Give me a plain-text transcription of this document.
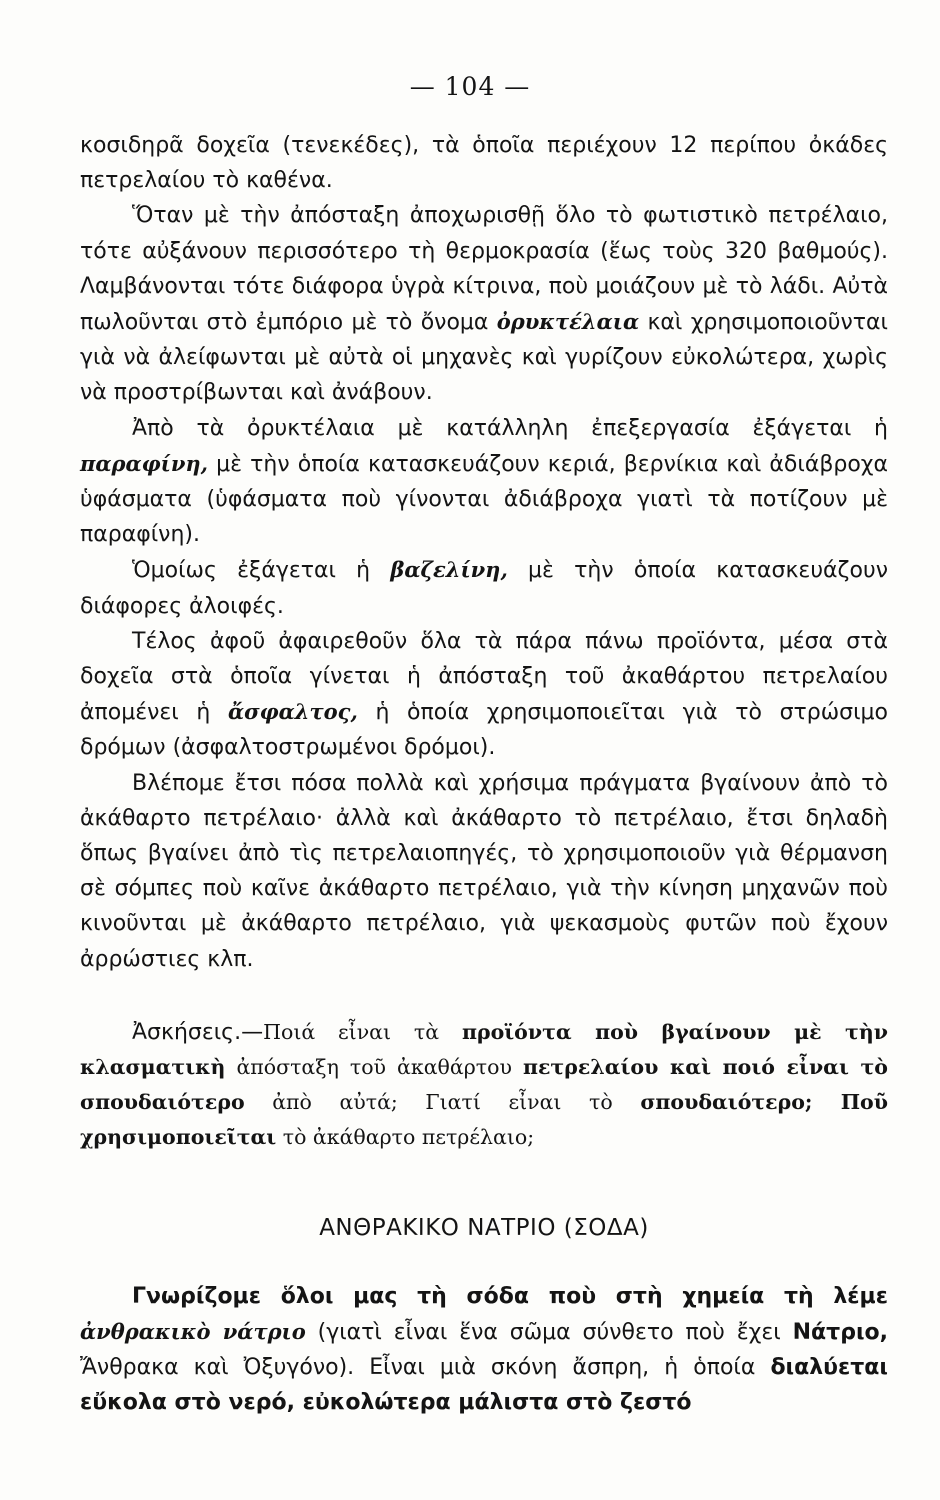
— 104 —

κοσιδηρᾶ δοχεῖα (τενεκέδες), τὰ ὁποῖα περιέχουν 12 περίπου ὀκάδες πετρελαίου τὸ καθένα.

Ὅταν μὲ τὴν ἀπόσταξη ἀποχωρισθῇ ὅλο τὸ φωτιστικὸ πετρέλαιο, τότε αὐξάνουν περισσότερο τὴ θερμοκρασία (ἕως τοὺς 320 βαθμούς). Λαμβάνονται τότε διάφορα ὑγρὰ κίτρινα, ποὺ μοιάζουν μὲ τὸ λάδι. Αὐτὰ πωλοῦνται στὸ ἐμπόριο μὲ τὸ ὄνομα ὀρυκτέλαια καὶ χρησιμοποιοῦνται γιὰ νὰ ἀλείφωνται μὲ αὐτὰ οἱ μηχανὲς καὶ γυρίζουν εὐκολώτερα, χωρὶς νὰ προστρίβωνται καὶ ἀνάβουν.

Ἀπὸ τὰ ὀρυκτέλαια μὲ κατάλληλη ἐπεξεργασία ἐξάγεται ἡ παραφίνη, μὲ τὴν ὁποία κατασκευάζουν κεριά, βερνίκια καὶ ἀδιάβροχα ὑφάσματα (ὑφάσματα ποὺ γίνονται ἀδιάβροχα γιατὶ τὰ ποτίζουν μὲ παραφίνη).

Ὁμοίως ἐξάγεται ἡ βαζελίνη, μὲ τὴν ὁποία κατασκευάζουν διάφορες ἀλοιφές.

Τέλος ἀφοῦ ἀφαιρεθοῦν ὅλα τὰ πάρα πάνω προϊόντα, μέσα στὰ δοχεῖα στὰ ὁποῖα γίνεται ἡ ἀπόσταξη τοῦ ἀκαθάρτου πετρελαίου ἀπομένει ἡ ἄσφαλτος, ἡ ὁποία χρησιμοποιεῖται γιὰ τὸ στρώσιμο δρόμων (ἀσφαλτοστρωμένοι δρόμοι).

Βλέπομε ἔτσι πόσα πολλὰ καὶ χρήσιμα πράγματα βγαίνουν ἀπὸ τὸ ἀκάθαρτο πετρέλαιο· ἀλλὰ καὶ ἀκάθαρτο τὸ πετρέλαιο, ἔτσι δηλαδὴ ὅπως βγαίνει ἀπὸ τὶς πετρελαιοπηγές, τὸ χρησιμοποιοῦν γιὰ θέρμανση σὲ σόμπες ποὺ καῖνε ἀκάθαρτο πετρέλαιο, γιὰ τὴν κίνηση μηχανῶν ποὺ κινοῦνται μὲ ἀκάθαρτο πετρέλαιο, γιὰ ψεκασμοὺς φυτῶν ποὺ ἔχουν ἀρρώστιες κλπ.

Ἀσκήσεις.—Ποιά εἶναι τὰ προϊόντα ποὺ βγαίνουν μὲ τὴν κλασματικὴ ἀπόσταξη τοῦ ἀκαθάρτου πετρελαίου καὶ ποιό εἶναι τὸ σπουδαιότερο ἀπὸ αὐτά; Γιατί εἶναι τὸ σπουδαιότερο; Ποῦ χρησιμοποιεῖται τὸ ἀκάθαρτο πετρέλαιο;

ΑΝΘΡΑΚΙΚΟ ΝΑΤΡΙΟ (ΣΟΔΑ)

Γνωρίζομε ὅλοι μας τὴ σόδα ποὺ στὴ χημεία τὴ λέμε ἀνθρακικὸ νάτριο (γιατὶ εἶναι ἕνα σῶμα σύνθετο ποὺ ἔχει Νάτριο, Ἄνθρακα καὶ Ὀξυγόνο). Εἶναι μιὰ σκόνη ἄσπρη, ἡ ὁποία διαλύεται εὔκολα στὸ νερό, εὐκολώτερα μάλιστα στὸ ζεστό
